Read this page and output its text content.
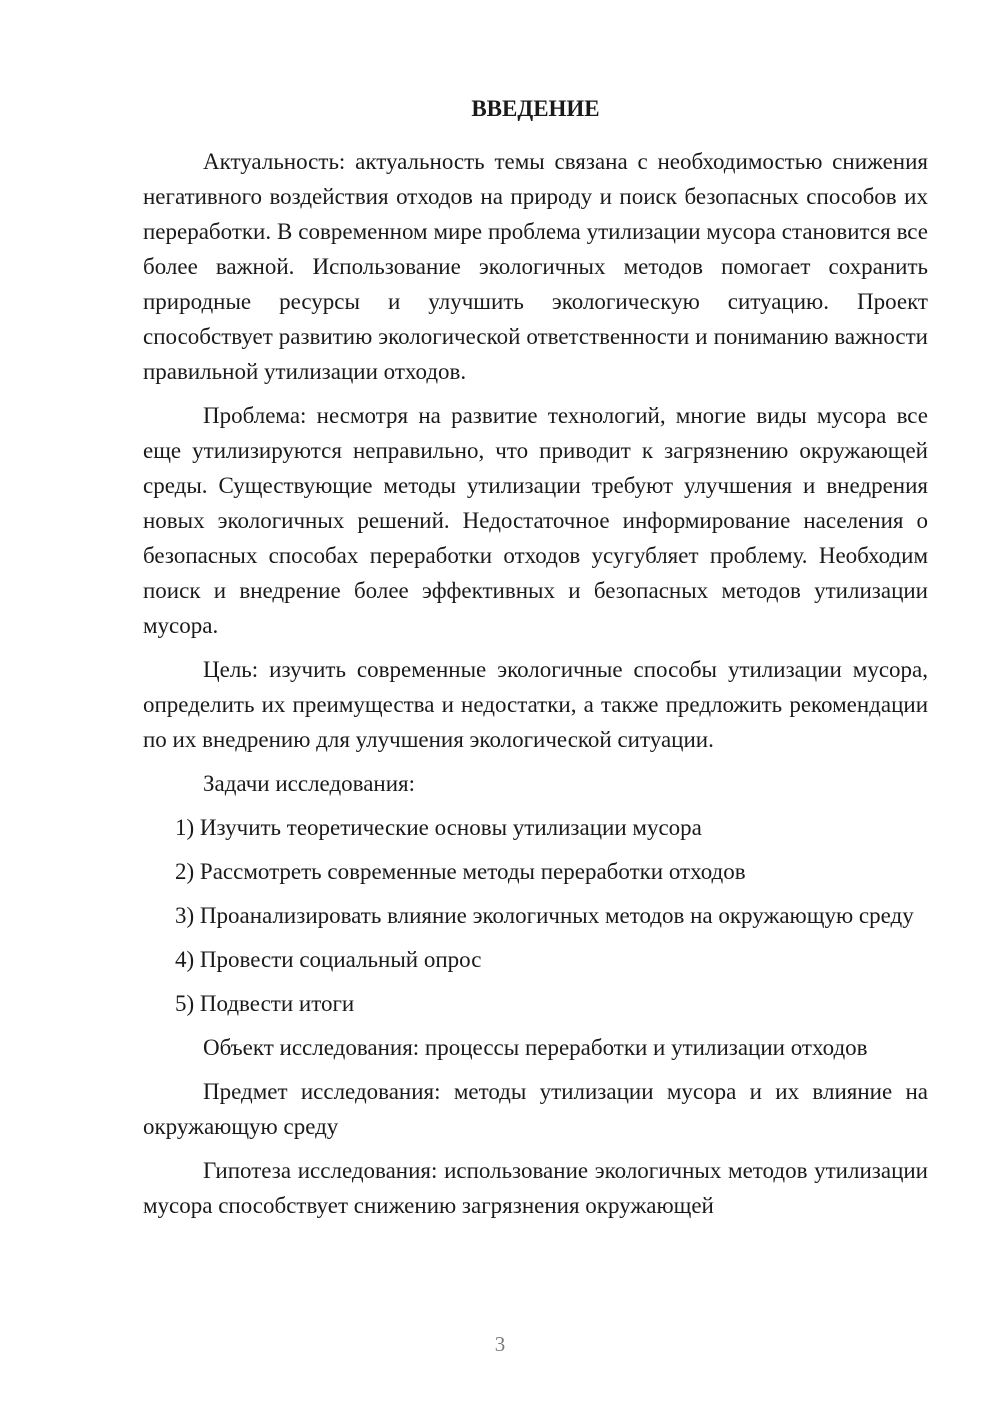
ВВЕДЕНИЕ

Актуальность: актуальность темы связана с необходимостью снижения негативного воздействия отходов на природу и поиск безопасных способов их переработки. В современном мире проблема утилизации мусора становится все более важной. Использование экологичных методов помогает сохранить природные ресурсы и улучшить экологическую ситуацию. Проект способствует развитию экологической ответственности и пониманию важности правильной утилизации отходов.

Проблема: несмотря на развитие технологий, многие виды мусора все еще утилизируются неправильно, что приводит к загрязнению окружающей среды. Существующие методы утилизации требуют улучшения и внедрения новых экологичных решений. Недостаточное информирование населения о безопасных способах переработки отходов усугубляет проблему. Необходим поиск и внедрение более эффективных и безопасных методов утилизации мусора.

Цель: изучить современные экологичные способы утилизации мусора, определить их преимущества и недостатки, а также предложить рекомендации по их внедрению для улучшения экологической ситуации.

Задачи исследования:

1) Изучить теоретические основы утилизации мусора

2) Рассмотреть современные методы переработки отходов

3) Проанализировать влияние экологичных методов на окружающую среду

4) Провести социальный опрос

5) Подвести итоги

Объект исследования: процессы переработки и утилизации отходов

Предмет исследования: методы утилизации мусора и их влияние на окружающую среду

Гипотеза исследования: использование экологичных методов утилизации мусора способствует снижению загрязнения окружающей

3
